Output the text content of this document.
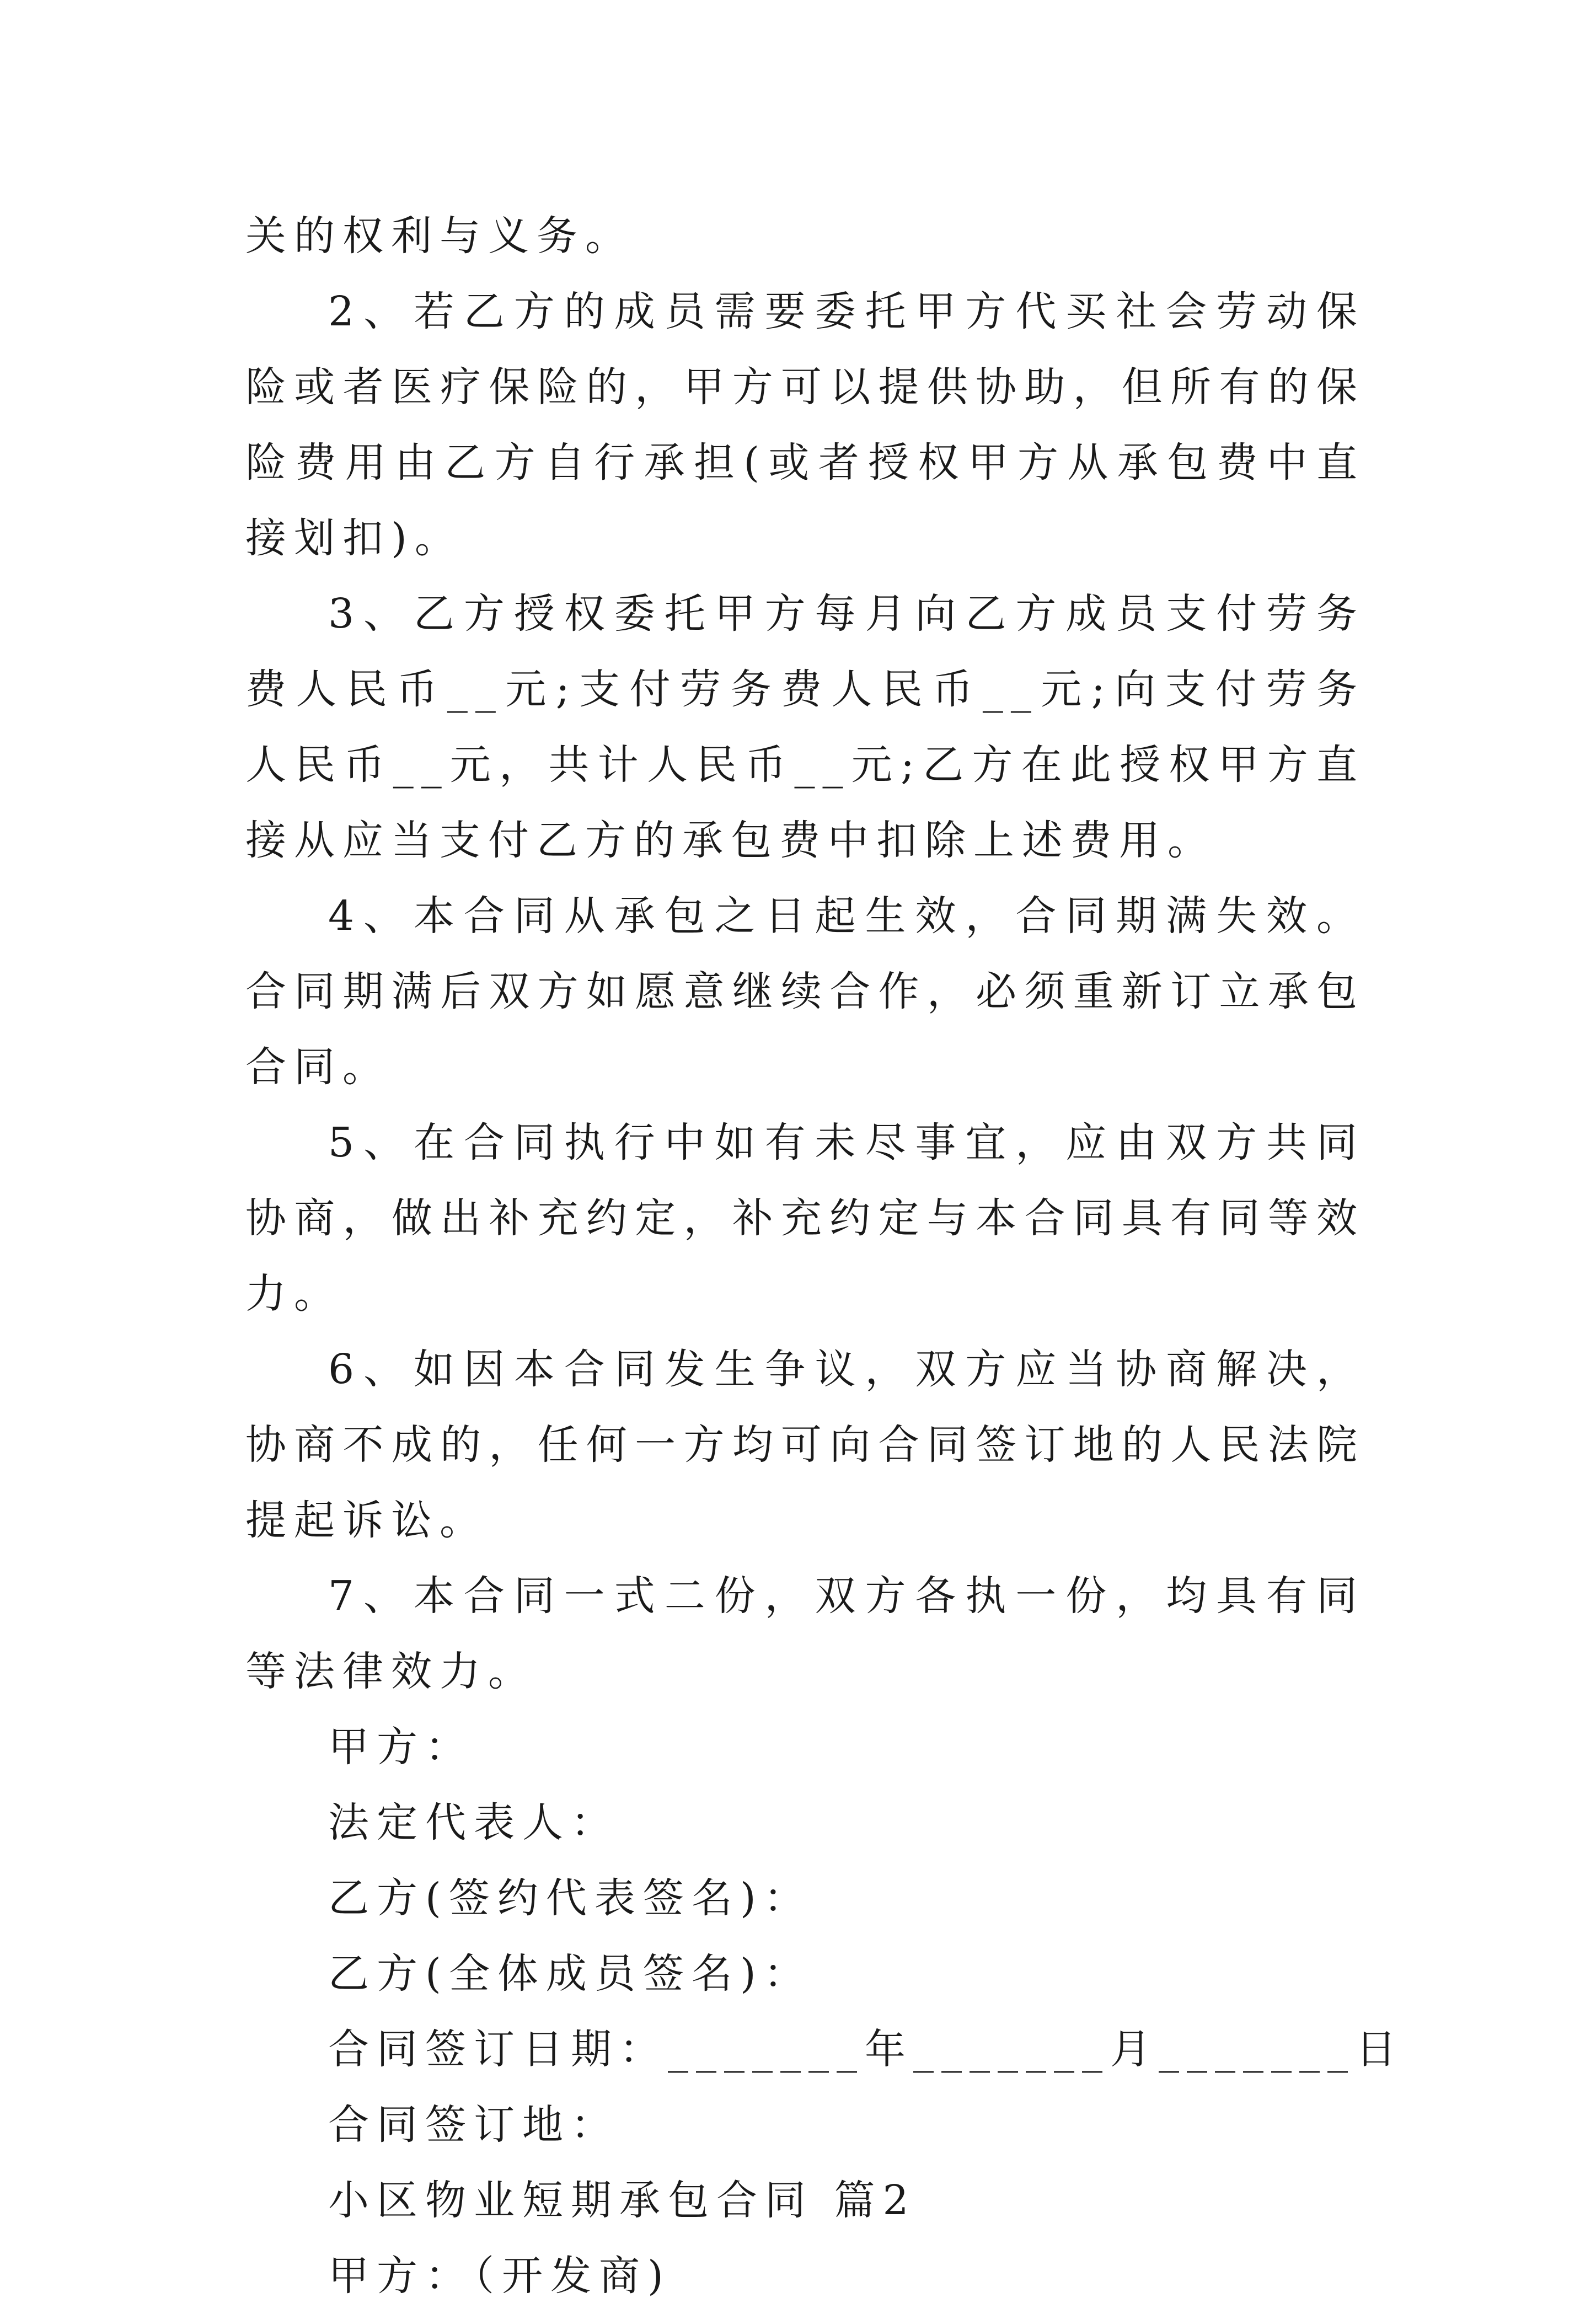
关的权利与义务。

2、若乙方的成员需要委托甲方代买社会劳动保险或者医疗保险的，甲方可以提供协助，但所有的保险费用由乙方自行承担(或者授权甲方从承包费中直接划扣)。

3、乙方授权委托甲方每月向乙方成员支付劳务费人民币__元;支付劳务费人民币__元;向支付劳务人民币__元，共计人民币__元;乙方在此授权甲方直接从应当支付乙方的承包费中扣除上述费用。

4、本合同从承包之日起生效，合同期满失效。合同期满后双方如愿意继续合作，必须重新订立承包合同。

5、在合同执行中如有未尽事宜，应由双方共同协商，做出补充约定，补充约定与本合同具有同等效力。

6、如因本合同发生争议，双方应当协商解决，协商不成的，任何一方均可向合同签订地的人民法院提起诉讼。

7、本合同一式二份，双方各执一份，均具有同等法律效力。

甲方：

法定代表人：

乙方(签约代表签名)：

乙方(全体成员签名)：

合同签订日期：_______年_______月_______日

合同签订地：

小区物业短期承包合同 篇2

甲方：（开发商)
